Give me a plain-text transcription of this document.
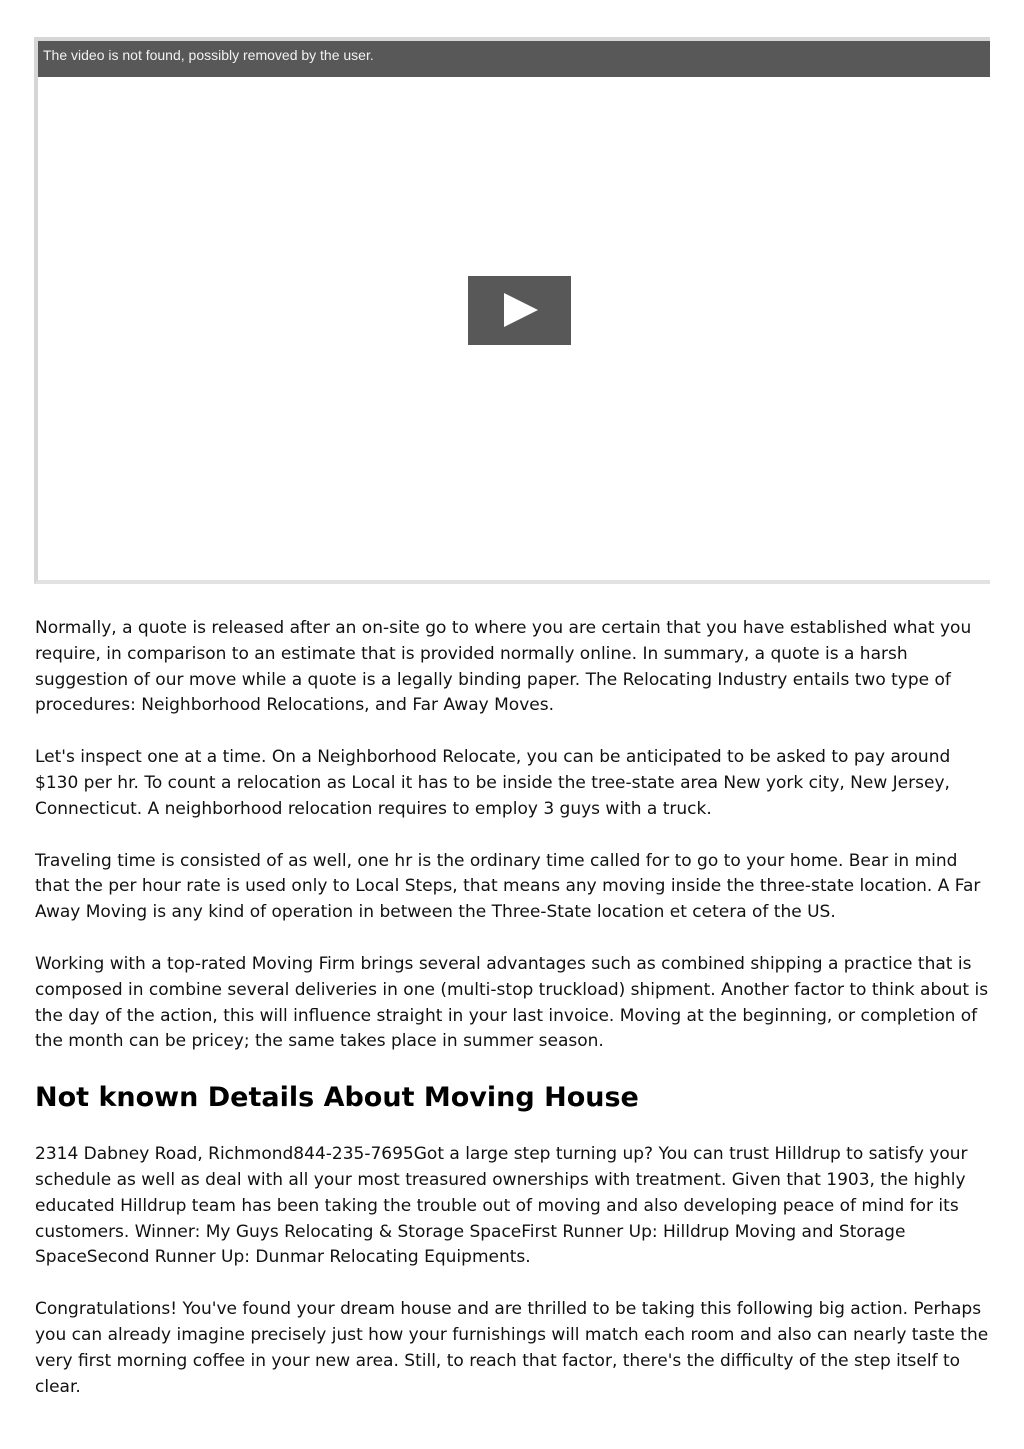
The video is not found, possibly removed by the user.

Normally, a quote is released after an on-site go to where you are certain that you have established what you require, in comparison to an estimate that is provided normally online. In summary, a quote is a harsh suggestion of our move while a quote is a legally binding paper. The Relocating Industry entails two type of procedures: Neighborhood Relocations, and Far Away Moves.

Let's inspect one at a time. On a Neighborhood Relocate, you can be anticipated to be asked to pay around $130 per hr. To count a relocation as Local it has to be inside the tree-state area New york city, New Jersey, Connecticut. A neighborhood relocation requires to employ 3 guys with a truck.

Traveling time is consisted of as well, one hr is the ordinary time called for to go to your home. Bear in mind that the per hour rate is used only to Local Steps, that means any moving inside the three-state location. A Far Away Moving is any kind of operation in between the Three-State location et cetera of the US.

Working with a top-rated Moving Firm brings several advantages such as combined shipping a practice that is composed in combine several deliveries in one (multi-stop truckload) shipment. Another factor to think about is the day of the action, this will influence straight in your last invoice. Moving at the beginning, or completion of the month can be pricey; the same takes place in summer season.

Not known Details About Moving House

2314 Dabney Road, Richmond844-235-7695Got a large step turning up? You can trust Hilldrup to satisfy your schedule as well as deal with all your most treasured ownerships with treatment. Given that 1903, the highly educated Hilldrup team has been taking the trouble out of moving and also developing peace of mind for its customers. Winner: My Guys Relocating & Storage SpaceFirst Runner Up: Hilldrup Moving and Storage SpaceSecond Runner Up: Dunmar Relocating Equipments.

Congratulations! You've found your dream house and are thrilled to be taking this following big action. Perhaps you can already imagine precisely just how your furnishings will match each room and also can nearly taste the very first morning coffee in your new area. Still, to reach that factor, there's the difficulty of the step itself to clear.
